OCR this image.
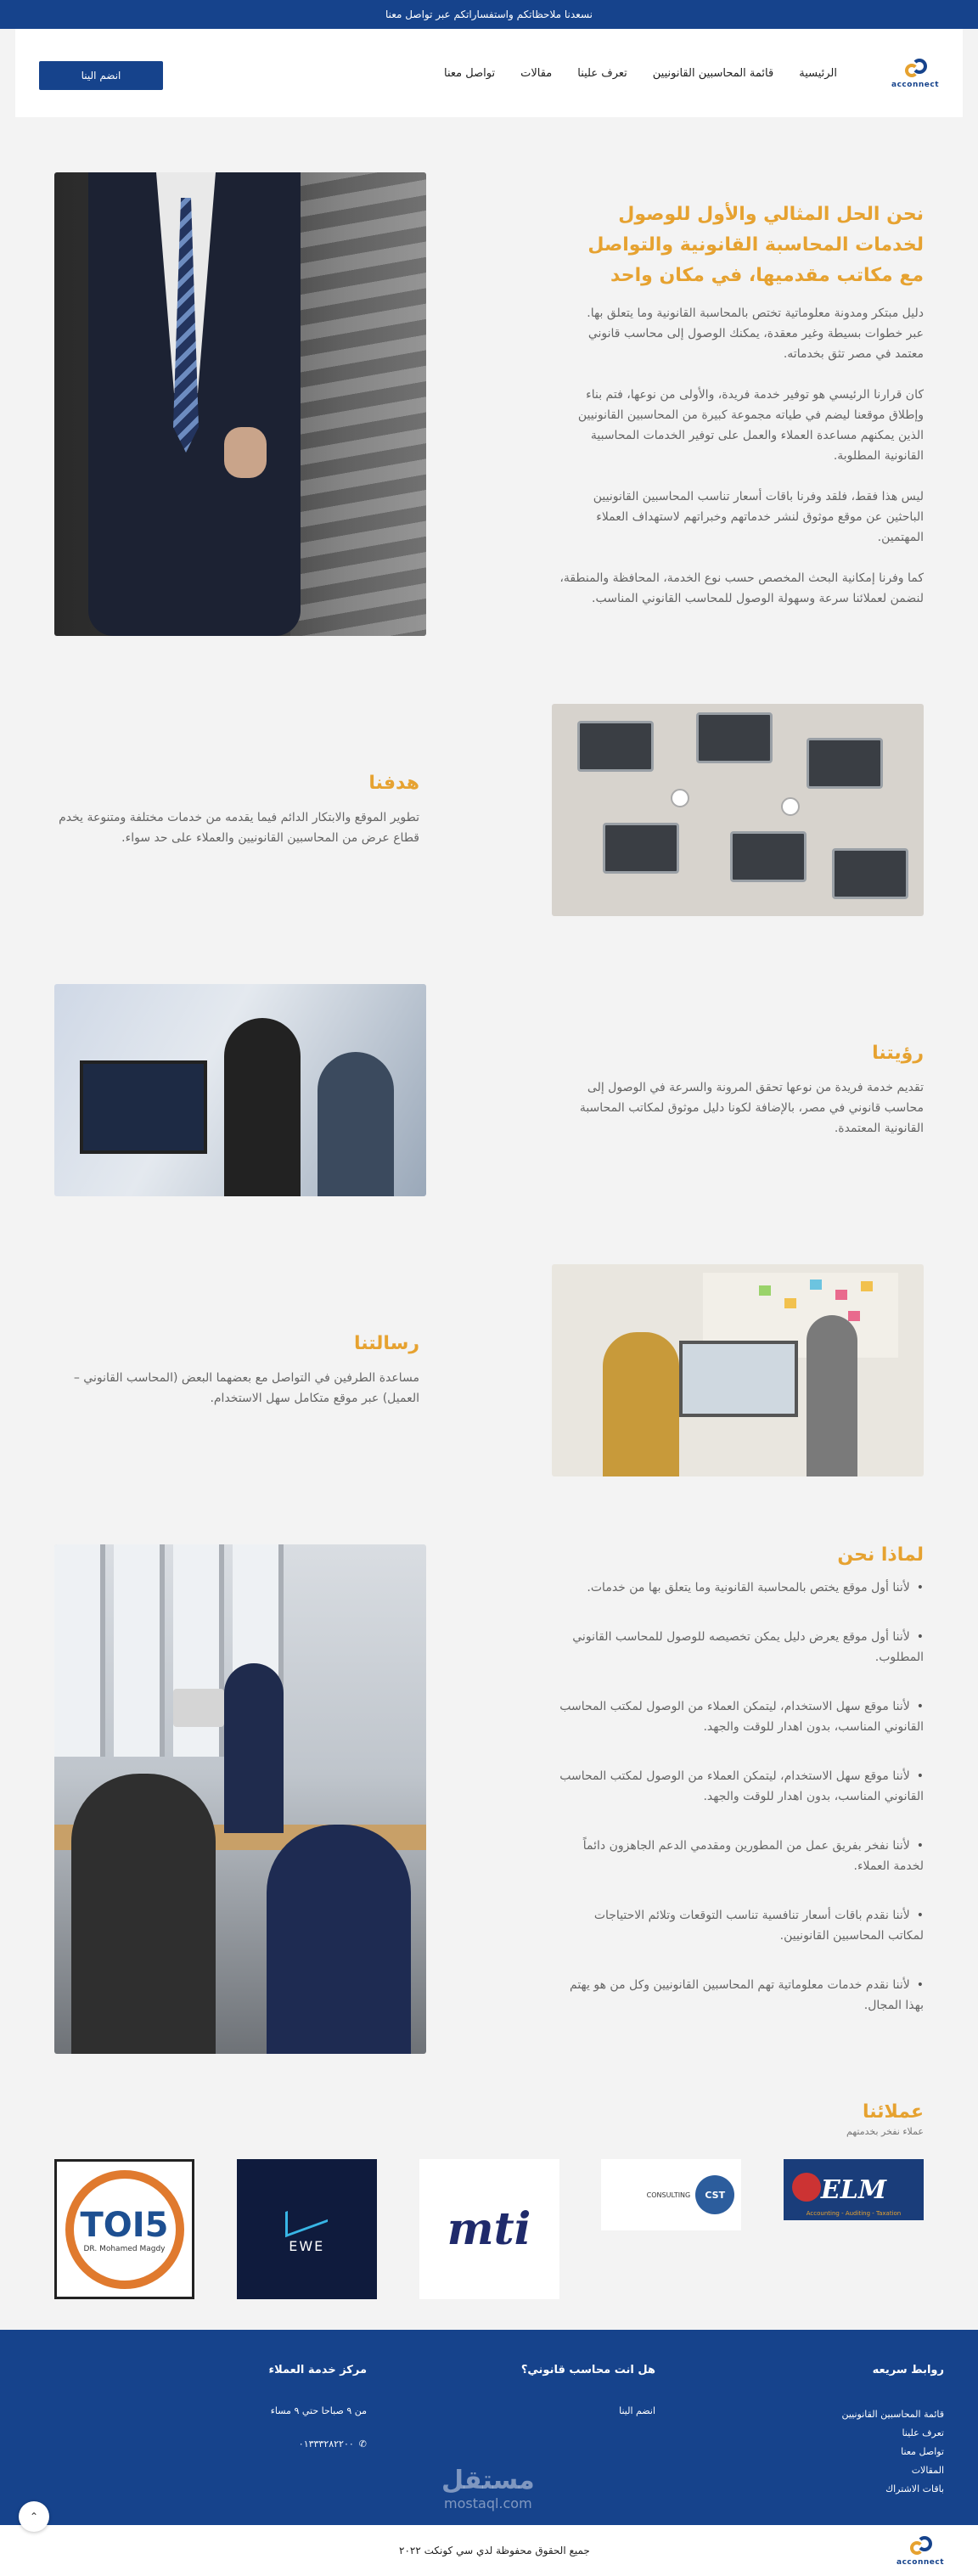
نسعدنا ملاحظاتكم واستفساراتكم عبر تواصل معنا
acconnect
الرئيسية
قائمة المحاسبين القانونيين
تعرف علينا
مقالات
تواصل معنا
انضم الينا
نحن الحل المثالي والأول للوصول لخدمات المحاسبة القانونية والتواصل مع مكاتب مقدميها، في مكان واحد

دليل مبتكر ومدونة معلوماتية تختص بالمحاسبة القانونية وما يتعلق بها.

عبر خطوات بسيطة وغير معقدة، يمكنك الوصول إلى محاسب قانوني معتمد في مصر تثق بخدماته.

كان قرارنا الرئيسي هو توفير خدمة فريدة، والأولى من نوعها، فتم بناء وإطلاق موقعنا ليضم في طياته مجموعة كبيرة من المحاسبين القانونيين الذين يمكنهم مساعدة العملاء والعمل على توفير الخدمات المحاسبية القانونية المطلوبة.

ليس هذا فقط، فلقد وفرنا باقات أسعار تناسب المحاسبين القانونيين الباحثين عن موقع موثوق لنشر خدماتهم وخبراتهم لاستهداف العملاء المهتمين.

كما وفرنا إمكانية البحث المخصص حسب نوع الخدمة، المحافظة والمنطقة، لنضمن لعملائنا سرعة وسهولة الوصول للمحاسب القانوني المناسب.

هدفنا

تطوير الموقع والابتكار الدائم فيما يقدمه من خدمات مختلفة ومتنوعة يخدم قطاع عرض من المحاسبين القانونيين والعملاء على حد سواء.

رؤيتنا

تقديم خدمة فريدة من نوعها تحقق المرونة والسرعة في الوصول إلى محاسب قانوني في مصر، بالإضافة لكونا دليل موثوق لمكاتب المحاسبة القانونية المعتمدة.

رسالتنا

مساعدة الطرفين في التواصل مع بعضهما البعض (المحاسب القانوني – العميل) عبر موقع متكامل سهل الاستخدام.

لماذا نحن
• لأننا أول موقع يختص بالمحاسبة القانونية وما يتعلق بها من خدمات.
• لأننا أول موقع يعرض دليل يمكن تخصيصه للوصول للمحاسب القانوني المطلوب.
• لأننا موقع سهل الاستخدام، ليتمكن العملاء من الوصول لمكتب المحاسب القانوني المناسب، بدون اهدار للوقت والجهد.
• لأننا موقع سهل الاستخدام، ليتمكن العملاء من الوصول لمكتب المحاسب القانوني المناسب، بدون اهدار للوقت والجهد.
• لأننا نفخر بفريق عمل من المطورين ومقدمي الدعم الجاهزون دائماً لخدمة العملاء.
• لأننا نقدم باقات أسعار تنافسية تناسب التوقعات وتلائم الاحتياجات لمكاتب المحاسبين القانونيين.
• لأننا نقدم خدمات معلوماتية تهم المحاسبين القانونيين وكل من هو يهتم بهذا المجال.
عملائنا
عملاء نفخر بخدمتهم
ELM
Accounting - Auditing - Taxation
CST
CONSULTING
mti
EWE
TOI5
DR. Mohamed Magdy
روابط سريعه
قائمة المحاسبين القانونيين
تعرف علينا
تواصل معنا
المقالات
باقات الاشتراك
هل انت محاسب قانوني؟
انضم الينا
مركز خدمة العملاء
من ٩ صباحا حتي ٩ مساء
✆
٠١٣٣٣٢٨٢٢٠٠
مستقل
mostaql.com
acconnect
جميع الحقوق محفوظة لدي سي كونكت ٢٠٢٢
⌃
